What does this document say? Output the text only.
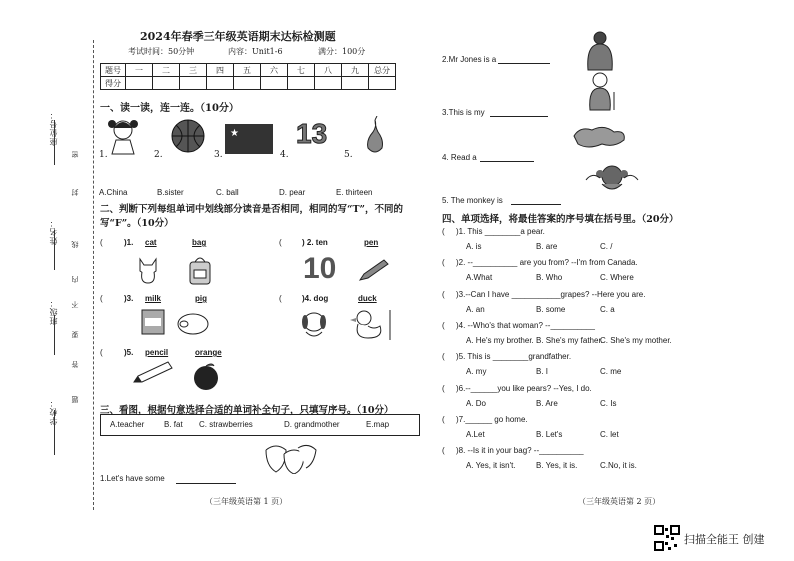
学校：
班级：
姓名：
座位号：
密
封
线
内
不
要
答
题
2024年春季三年级英语期末达标检测题
考试时间：50分钟	内容：Unit1-6	满分：100分
题号	一	二	三	四	五	六	七	八	九	总分
得分										
一、读一读，连一连。（10分）
★ 13
1.	2.	3.	4.	5.
A.China	B.sister	C. ball	D. pear	E. thirteen
二、判断下列每组单词中划线部分读音是否相同，相同的写“T”，不同的写“F”。（10分）
(	)1. cat	bag	(	) 2. ten	pen
10
(	)3. milk	pig	(	)4. dog	duck
(	)5. pencil	orange
三、看图，根据句意选择合适的单词补全句子，只填写序号。（10分）
A.teacher B. fat C. strawberries	D. grandmother	E.map
1.Let's have some
（三年级英语第 1 页）
2.Mr Jones is a
3.This is my
4. Read a
5. The monkey is
四、单项选择，将最佳答案的序号填在括号里。（20分）
( )1. This ________a pear.
A. is	B. are	C. /
( )2. --__________ are you from? --I'm from Canada.
A.What	B. Who	C. Where
( )3.--Can I have ___________grapes? --Here you are.
A. an	B. some	C. a
( )4. --Who's that woman? --__________
A. He's my brother. B. She's my father.
C. She's my mother.
( )5. This is ________grandfather.
A. my	B. I	C. me
( )6.--______you like pears? --Yes, I do.
A. Do	B. Are	C. Is
( )7.______ go home.
A.Let	B. Let's	C. let
( )8. --Is it in your bag? --__________
A. Yes, it isn't.	B. Yes, it is.	C.No, it is.
（三年级英语第 2 页）
扫描全能王 创建
